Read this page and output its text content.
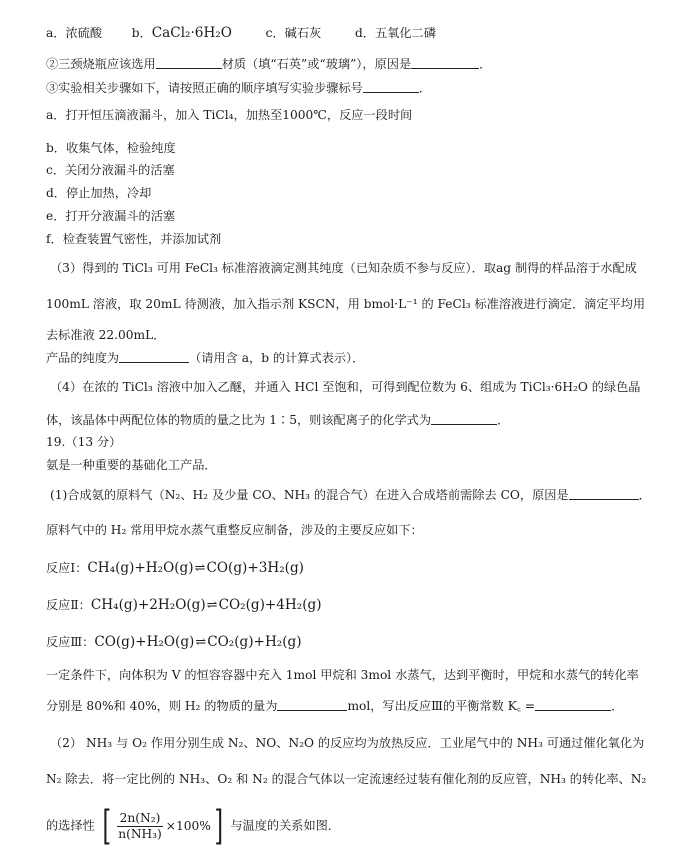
a．浓硫酸 b．CaCl₂·6H₂O	c．碱石灰	d．五氧化二磷
②三颈烧瓶应该选用	材质（填“石英”或“玻璃”），原因是	．
③实验相关步骤如下，请按照正确的顺序填写实验步骤标号	．
a．打开恒压滴液漏斗，加入 TiCl₄，加热至1000℃，反应一段时间
b．收集气体，检验纯度
c．关闭分液漏斗的活塞
d．停止加热，冷却
e．打开分液漏斗的活塞
f．检查装置气密性，并添加试剂
（3）得到的 TiCl₃ 可用 FeCl₃ 标准溶液滴定测其纯度（已知杂质不参与反应）．取ag 制得的样品溶于水配成
100mL 溶液，取 20mL 待测液，加入指示剂 KSCN，用 bmol·L⁻¹ 的 FeCl₃ 标准溶液进行滴定．滴定平均用
去标准液 22.00mL．
产品的纯度为	（请用含 a，b 的计算式表示）．
（4）在浓的 TiCl₃ 溶液中加入乙醚，并通入 HCl 至饱和，可得到配位数为 6、组成为 TiCl₃·6H₂O 的绿色晶
体，该晶体中两配位体的物质的量之比为 1∶5，则该配离子的化学式为	．
19.（13 分）
氨是一种重要的基础化工产品．
(1)合成氨的原料气（N₂、H₂ 及少量 CO、NH₃ 的混合气）在进入合成塔前需除去 CO，原因是	．
原料气中的 H₂ 常用甲烷水蒸气重整反应制备，涉及的主要反应如下：
反应Ⅰ：CH₄(g)+H₂O(g)⇌CO(g)+3H₂(g)
反应Ⅱ：CH₄(g)+2H₂O(g)⇌CO₂(g)+4H₂(g)
反应Ⅲ：CO(g)+H₂O(g)⇌CO₂(g)+H₂(g)
一定条件下，向体积为 V 的恒容容器中充入 1mol 甲烷和 3mol 水蒸气，达到平衡时，甲烷和水蒸气的转化率
分别是 80%和 40%，则 H₂ 的物质的量为	mol，写出反应Ⅲ的平衡常数 K꜀ =	．
（2） NH₃ 与 O₂ 作用分别生成 N₂、NO、N₂O 的反应均为放热反应．工业尾气中的 NH₃ 可通过催化氧化为
N₂ 除去．将一定比例的 NH₃、O₂ 和 N₂ 的混合气体以一定流速经过装有催化剂的反应管，NH₃ 的转化率、N₂
的选择性 [ $\frac{\text{2n(N₂)}}{\text{n(NH₃)}} \times 100\%$ ] 与温度的关系如图．
